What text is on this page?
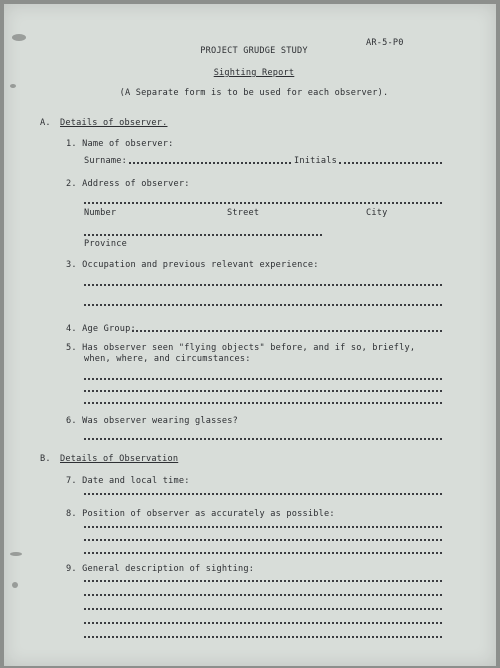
AR-5-P0
PROJECT GRUDGE STUDY
Sighting Report
(A Separate form is to be used for each observer).
A. Details of observer.
1. Name of observer:
Surname:	Initials
2. Address of observer:
Number	Street	City
Province
3. Occupation and previous relevant experience:
4. Age Group:
5. Has observer seen "flying objects" before, and if so, briefly,
when, where, and circumstances:
6. Was observer wearing glasses?
B. Details of Observation
7. Date and local time:
8. Position of observer as accurately as possible:
9. General description of sighting:
